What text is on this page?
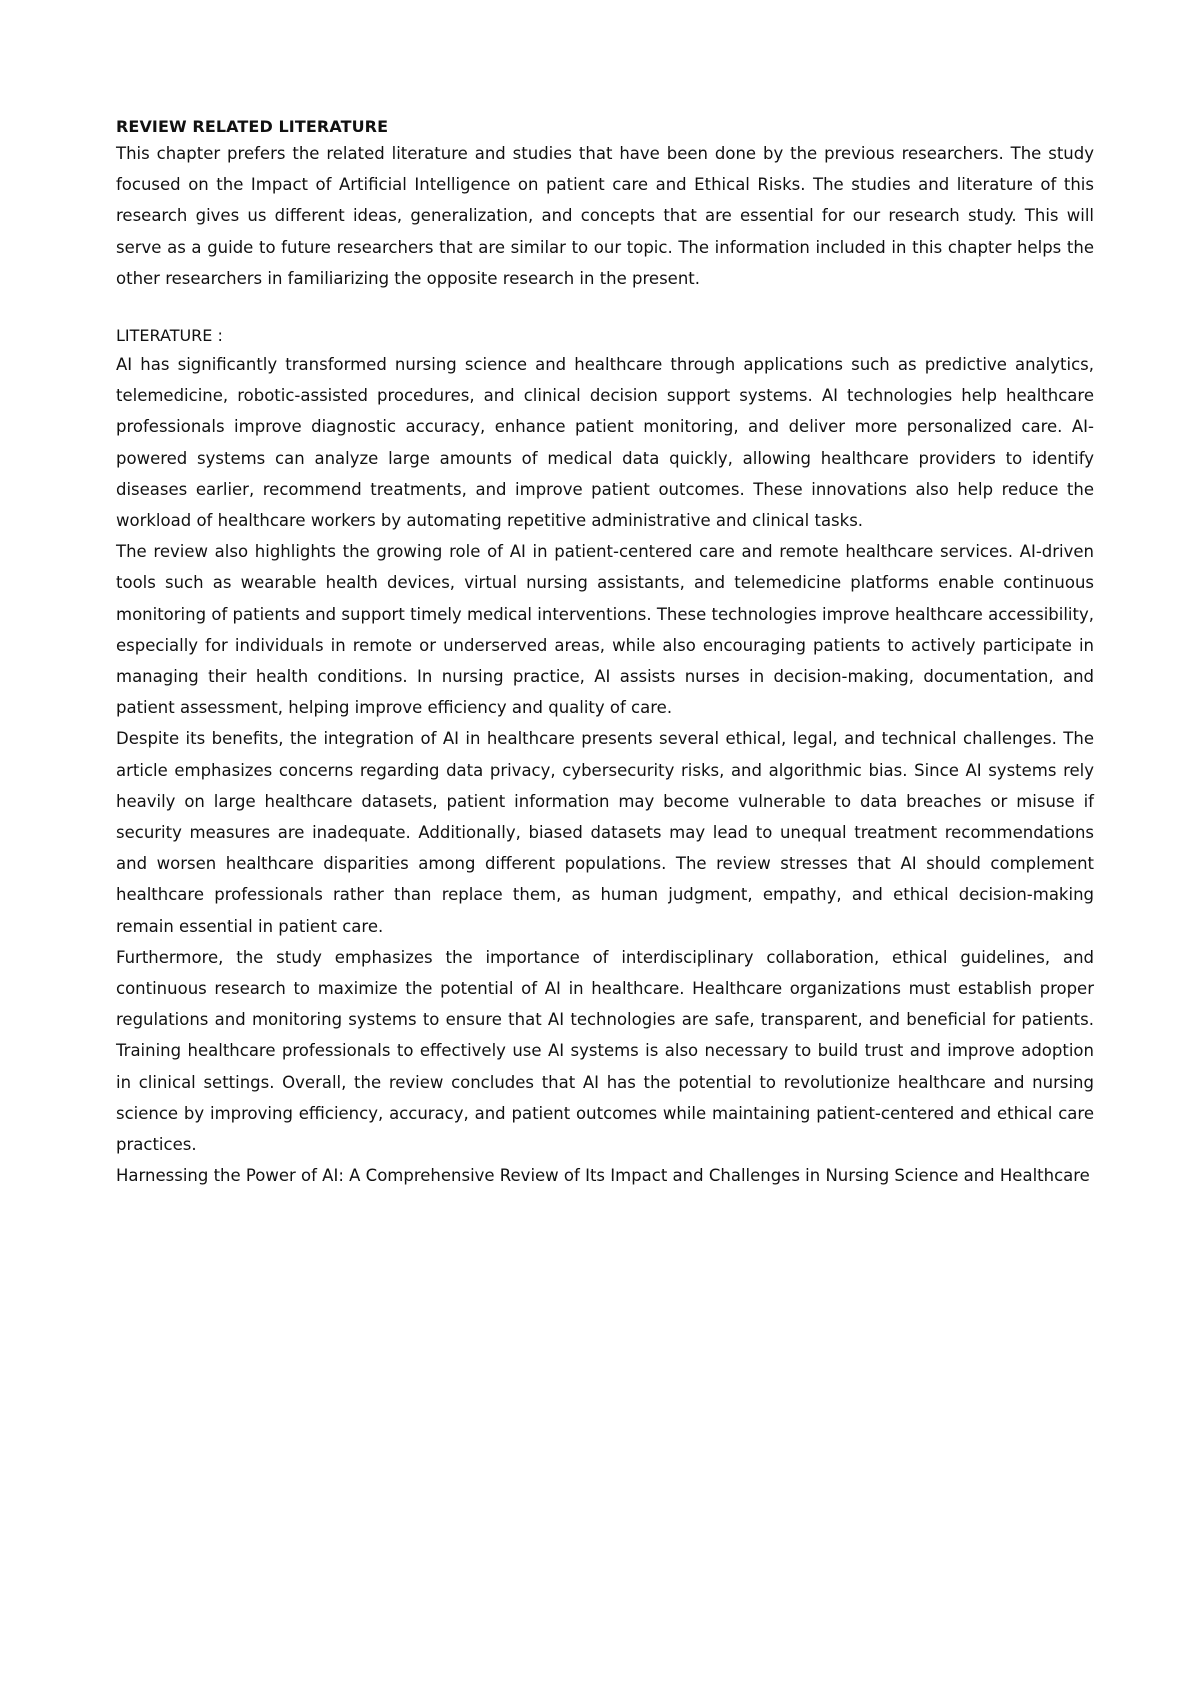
REVIEW RELATED LITERATURE

This chapter prefers the related literature and studies that have been done by the previous researchers. The study focused on the Impact of Artificial Intelligence on patient care and Ethical Risks. The studies and literature of this research gives us different ideas, generalization, and concepts that are essential for our research study. This will serve as a guide to future researchers that are similar to our topic. The information included in this chapter helps the other researchers in familiarizing the opposite research in the present.

LITERATURE :

AI has significantly transformed nursing science and healthcare through applications such as predictive analytics, telemedicine, robotic-assisted procedures, and clinical decision support systems. AI technologies help healthcare professionals improve diagnostic accuracy, enhance patient monitoring, and deliver more personalized care. AI-powered systems can analyze large amounts of medical data quickly, allowing healthcare providers to identify diseases earlier, recommend treatments, and improve patient outcomes. These innovations also help reduce the workload of healthcare workers by automating repetitive administrative and clinical tasks.

The review also highlights the growing role of AI in patient-centered care and remote healthcare services. AI-driven tools such as wearable health devices, virtual nursing assistants, and telemedicine platforms enable continuous monitoring of patients and support timely medical interventions. These technologies improve healthcare accessibility, especially for individuals in remote or underserved areas, while also encouraging patients to actively participate in managing their health conditions. In nursing practice, AI assists nurses in decision-making, documentation, and patient assessment, helping improve efficiency and quality of care.

Despite its benefits, the integration of AI in healthcare presents several ethical, legal, and technical challenges. The article emphasizes concerns regarding data privacy, cybersecurity risks, and algorithmic bias. Since AI systems rely heavily on large healthcare datasets, patient information may become vulnerable to data breaches or misuse if security measures are inadequate. Additionally, biased datasets may lead to unequal treatment recommendations and worsen healthcare disparities among different populations. The review stresses that AI should complement healthcare professionals rather than replace them, as human judgment, empathy, and ethical decision-making remain essential in patient care.

Furthermore, the study emphasizes the importance of interdisciplinary collaboration, ethical guidelines, and continuous research to maximize the potential of AI in healthcare. Healthcare organizations must establish proper regulations and monitoring systems to ensure that AI technologies are safe, transparent, and beneficial for patients. Training healthcare professionals to effectively use AI systems is also necessary to build trust and improve adoption in clinical settings. Overall, the review concludes that AI has the potential to revolutionize healthcare and nursing science by improving efficiency, accuracy, and patient outcomes while maintaining patient-centered and ethical care practices.

Harnessing the Power of AI: A Comprehensive Review of Its Impact and Challenges in Nursing Science and Healthcare
